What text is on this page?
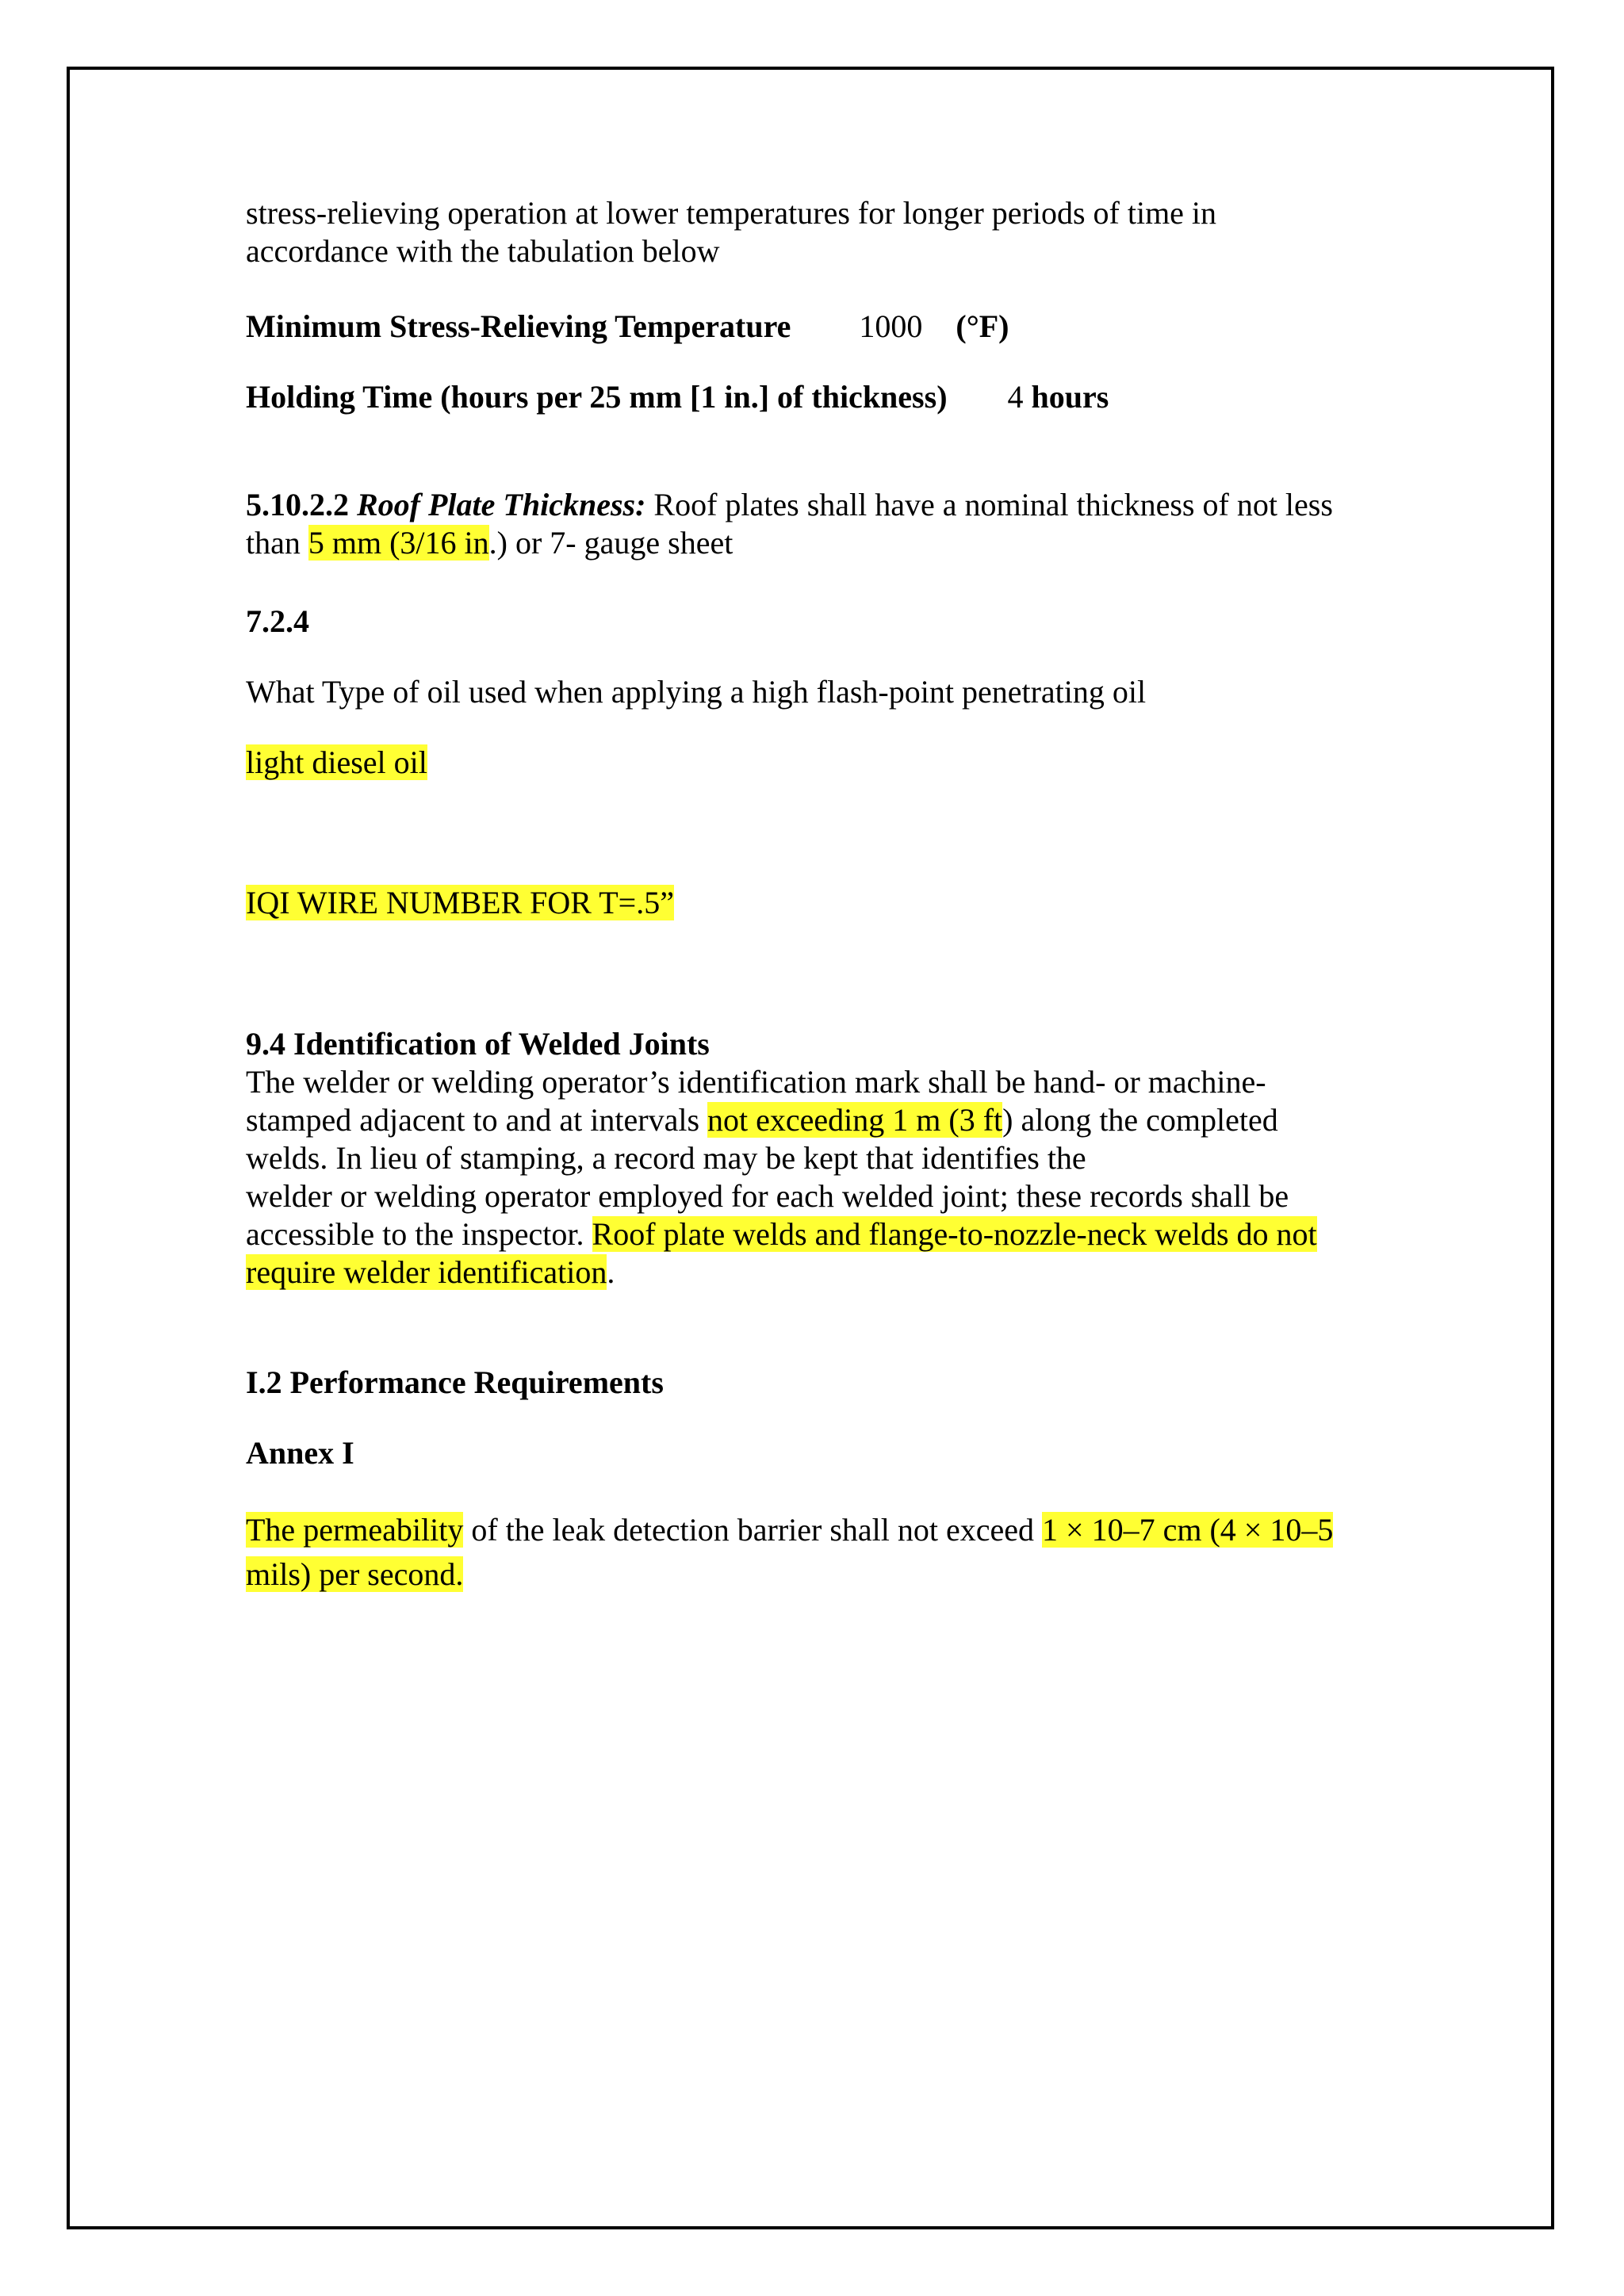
stress-relieving operation at lower temperatures for longer periods of time in
accordance with the tabulation below

Minimum Stress-Relieving Temperature 1000 (°F)

Holding Time (hours per 25 mm [1 in.] of thickness) 4 hours

5.10.2.2 Roof Plate Thickness: Roof plates shall have a nominal thickness of not less
than 5 mm (3/16 in.) or 7- gauge sheet

7.2.4

What Type of oil used when applying a high flash-point penetrating oil

light diesel oil

IQI WIRE NUMBER FOR T=.5”

9.4 Identification of Welded Joints
The welder or welding operator’s identification mark shall be hand- or machine-
stamped adjacent to and at intervals not exceeding 1 m (3 ft) along the completed
welds. In lieu of stamping, a record may be kept that identifies the
welder or welding operator employed for each welded joint; these records shall be
accessible to the inspector. Roof plate welds and flange-to-nozzle-neck welds do not
require welder identification.

I.2 Performance Requirements

Annex I

The permeability of the leak detection barrier shall not exceed 1 × 10–7 cm (4 × 10–5
mils) per second.
